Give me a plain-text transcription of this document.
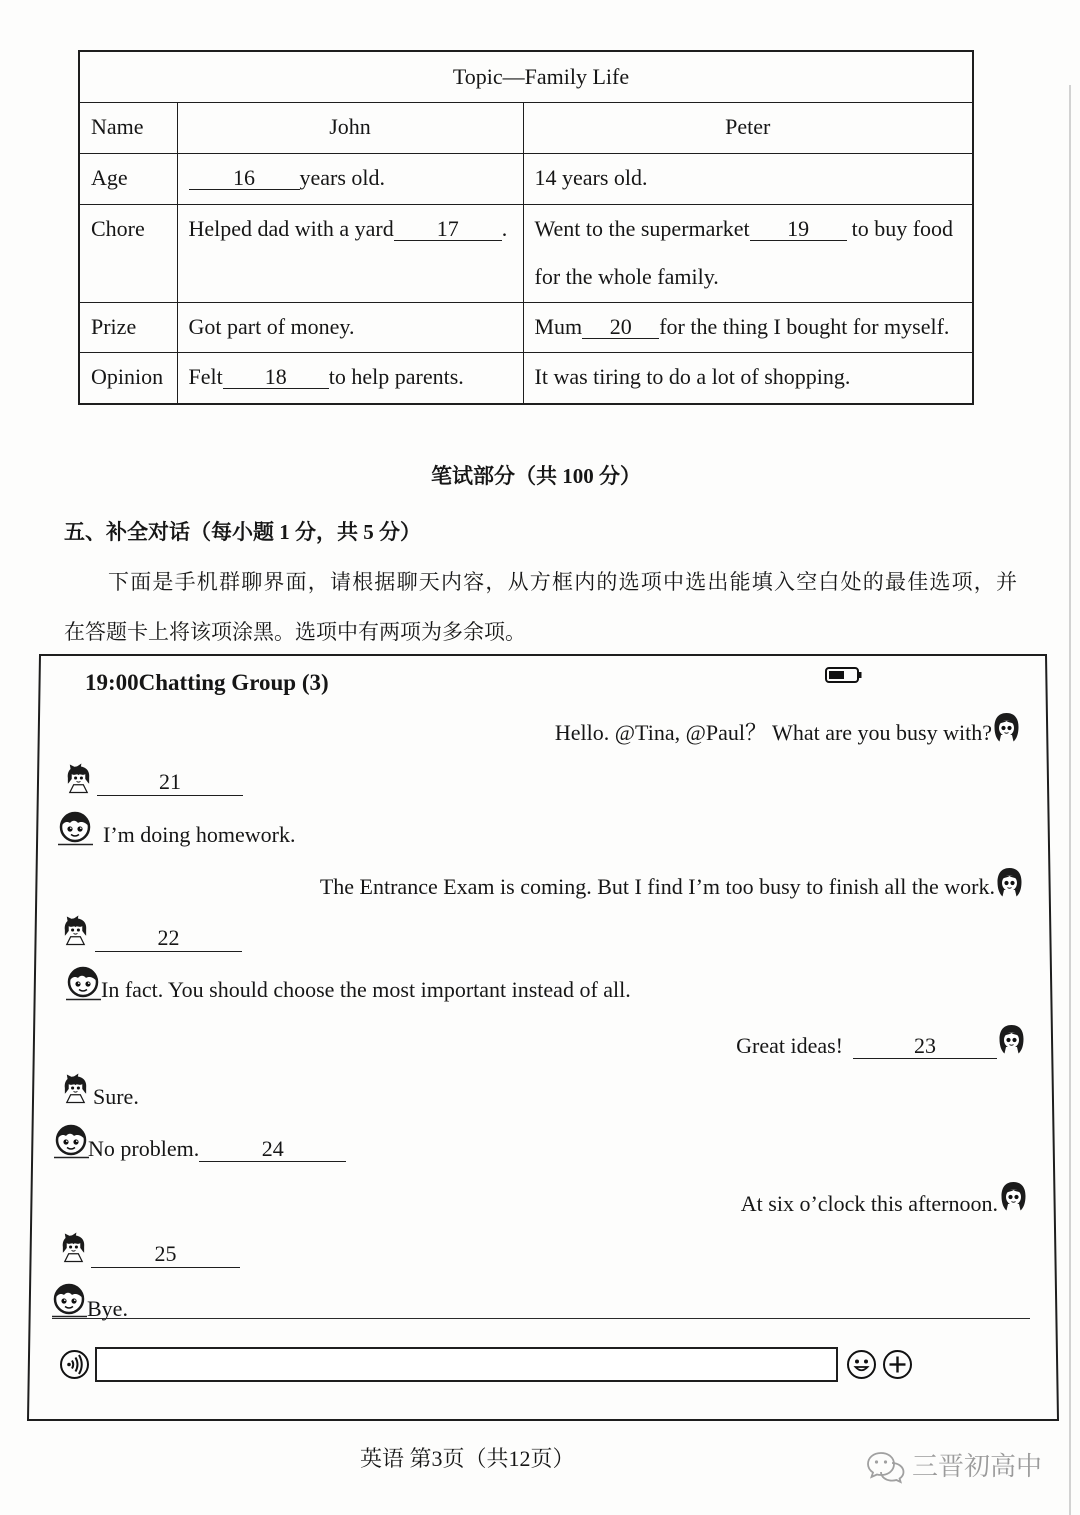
Topic—Family Life		
Name	John	Peter
Age	16 years old.	14 years old.
Chore	Helped dad with a yard 17 .	Went to the supermarket 19 to buy food
for the whole family.

Prize	Got part of money.	Mum 20 for the thing I bought for myself.
Opinion	Felt 18 to help parents.	It was tiring to do a lot of shopping.
笔试部分（共 100 分）
五、补全对话（每小题 1 分，共 5 分）
下面是手机群聊界面，请根据聊天内容，从方框内的选项中选出能填入空白处的最佳选项，并
在答题卡上将该项涂黑。选项中有两项为多余项。
19:00Chatting Group (3)
Hello. @Tina, @Paul？ What are you busy with?
21
I’m doing homework.
The Entrance Exam is coming. But I find I’m too busy to finish all the work.
22
In fact. You should choose the most important instead of all.
Great ideas!	23
Sure.
No problem.	24
At six o’clock this afternoon.
25
Bye.
英语 第3页（共12页）	三晋初高中
